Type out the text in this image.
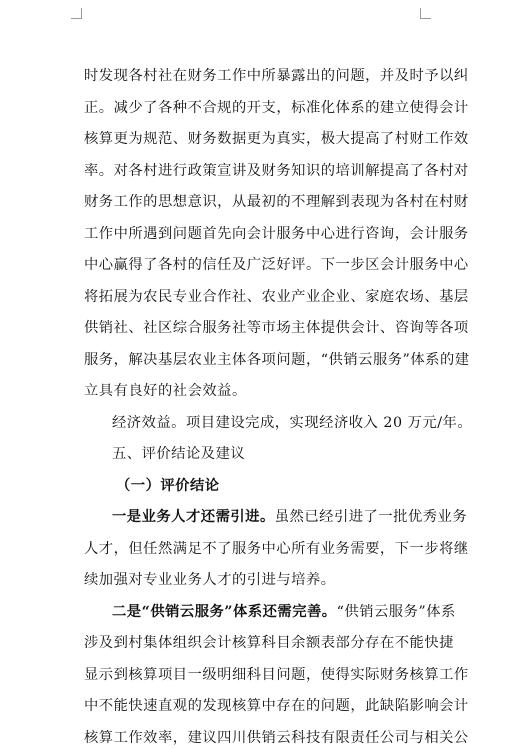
时发现各村社在财务工作中所暴露出的问题，并及时予以纠
正。减少了各种不合规的开支，标准化体系的建立使得会计
核算更为规范、财务数据更为真实，极大提高了村财工作效
率。对各村进行政策宣讲及财务知识的培训解提高了各村对
财务工作的思想意识，从最初的不理解到表现为各村在村财
工作中所遇到问题首先向会计服务中心进行咨询，会计服务
中心赢得了各村的信任及广泛好评。下一步区会计服务中心
将拓展为农民专业合作社、农业产业企业、家庭农场、基层
供销社、社区综合服务社等市场主体提供会计、咨询等各项
服务，解决基层农业主体各项问题，“供销云服务”体系的建
立具有良好的社会效益。
经济效益。项目建设完成，实现经济收入 20 万元/年。
五、评价结论及建议
（一）评价结论
一是业务人才还需引进。虽然已经引进了一批优秀业务
人才，但任然满足不了服务中心所有业务需要，下一步将继
续加强对专业业务人才的引进与培养。
二是“供销云服务”体系还需完善。“供销云服务”体系
涉及到村集体组织会计核算科目余额表部分存在不能快捷
显示到核算项目一级明细科目问题，使得实际财务核算工作
中不能快速直观的发现核算中存在的问题，此缺陷影响会计
核算工作效率，建议四川供销云科技有限责任公司与相关公
